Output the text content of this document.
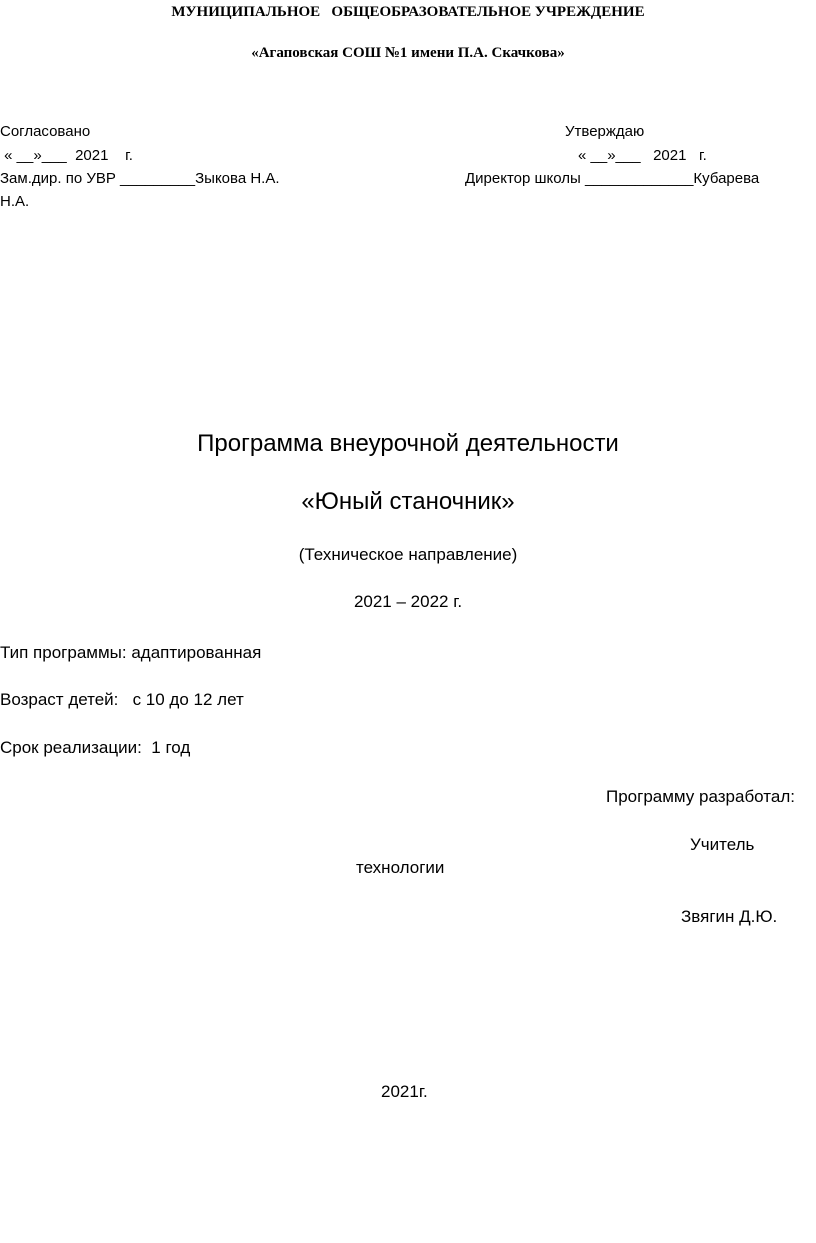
МУНИЦИПАЛЬНОЕ   ОБЩЕОБРАЗОВАТЕЛЬНОЕ УЧРЕЖДЕНИЕ
«Агаповская СОШ №1 имени П.А. Скачкова»
Согласовано
« __»___  2021    г.
Зам.дир. по УВР _________Зыкова Н.А.
Утверждаю
« __»___   2021   г.
Директор школы _____________Кубарева
Н.А.
Программа внеурочной деятельности
«Юный станочник»
(Техническое направление)
2021 – 2022 г.
Тип программы: адаптированная
Возраст детей:   с 10 до 12 лет
Срок реализации:  1 год
Программу разработал:
Учитель
технологии
Звягин Д.Ю.
2021г.
